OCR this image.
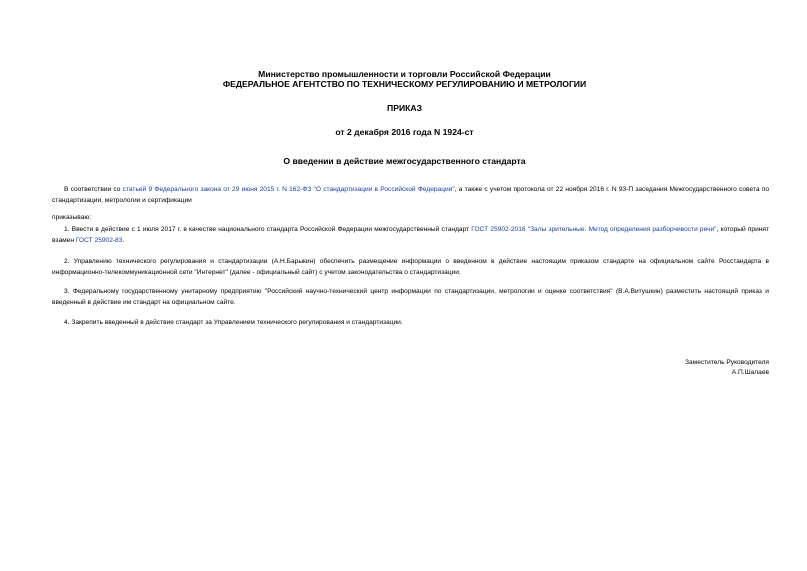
Министерство промышленности и торговли Российской Федерации
ФЕДЕРАЛЬНОЕ АГЕНТСТВО ПО ТЕХНИЧЕСКОМУ РЕГУЛИРОВАНИЮ И МЕТРОЛОГИИ
ПРИКАЗ
от 2 декабря 2016 года N 1924-ст
О введении в действие межгосударственного стандарта
В соответствии со статьей 9 Федерального закона от 29 июня 2015 г. N 162-ФЗ "О стандартизации в Российской Федерации", а также с учетом протокола от 22 ноября 2016 г. N 93-П заседания Межгосударственного совета по стандартизации, метрологии и сертификации
приказываю:
1. Ввести в действие с 1 июля 2017 г. в качестве национального стандарта Российской Федерации межгосударственный стандарт ГОСТ 25902-2016 "Залы зрительные. Метод определения разборчивости речи", который принят взамен ГОСТ 25902-83.
2. Управлению технического регулирования и стандартизации (А.Н.Барыкин) обеспечить размещение информации о введенном в действие настоящим приказом стандарте на официальном сайте Росстандарта в информационно-телекоммуникационной сети "Интернет" (далее - официальный сайт) с учетом законодательства о стандартизации.
3. Федеральному государственному унитарному предприятию "Российский научно-технический центр информации по стандартизации, метрологии и оценке соответствия" (В.А.Витушкин) разместить настоящий приказ и введенный в действие им стандарт на официальном сайте.
4. Закрепить введенный в действие стандарт за Управлением технического регулирования и стандартизации.
Заместитель Руководителя
А.П.Шалаев
